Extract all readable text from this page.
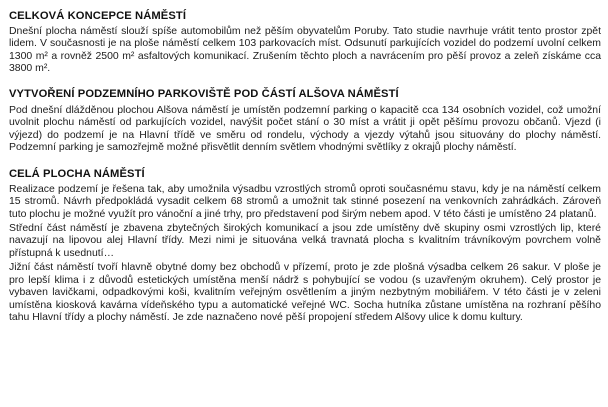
CELKOVÁ KONCEPCE NÁMĚSTÍ

Dnešní plocha náměstí slouží spíše automobilům než pěším obyvatelům Poruby. Tato studie navrhuje vrátit tento prostor zpět lidem. V současnosti je na ploše náměstí celkem 103 parkovacích míst. Odsunutí parkujících vozidel do podzemí uvolní celkem 1300 m² a rovněž 2500 m² asfaltových komunikací. Zrušením těchto ploch a navrácením pro pěší provoz a zeleň získáme cca 3800 m².

VYTVOŘENÍ PODZEMNÍHO PARKOVIŠTĚ POD ČÁSTÍ ALŠOVA NÁMĚSTÍ

Pod dnešní dlážděnou plochou Alšova náměstí je umístěn podzemní parking o kapacitě cca 134 osobních vozidel, což umožní uvolnit plochu náměstí od parkujících vozidel, navýšit počet stání o 30 míst a vrátit ji opět pěšímu provozu občanů. Vjezd (i výjezd) do podzemí je na Hlavní třídě ve směru od rondelu, východy a vjezdy výtahů jsou situovány do plochy náměstí. Podzemní parking je samozřejmě možné přisvětlit denním světlem vhodnými světlíky z okrajů plochy náměstí.

CELÁ PLOCHA NÁMĚSTÍ

Realizace podzemí je řešena tak, aby umožnila výsadbu vzrostlých stromů oproti současnému stavu, kdy je na náměstí celkem 15 stromů. Návrh předpokládá vysadit celkem 68 stromů a umožnit tak stinné posezení na venkovních zahrádkách. Zároveň tuto plochu je možné využít pro vánoční a jiné trhy, pro představení pod širým nebem apod. V této části je umístěno 24 platanů.

Střední část náměstí je zbavena zbytečných širokých komunikací a jsou zde umístěny dvě skupiny osmi vzrostlých lip, které navazují na lipovou alej Hlavní třídy. Mezi nimi je situována velká travnatá plocha s kvalitním trávníkovým povrchem volně přístupná k usednutí…

Jižní část náměstí tvoří hlavně obytné domy bez obchodů v přízemí, proto je zde plošná výsadba celkem 26 sakur. V ploše je pro lepší klima i z důvodů estetických umístěna menší nádrž s pohybující se vodou (s uzavřeným okruhem). Celý prostor je vybaven lavičkami, odpadkovými koši, kvalitním veřejným osvětlením a jiným nezbytným mobiliářem. V této části je v zeleni umístěna kiosková kavárna vídeňského typu a automatické veřejné WC. Socha hutníka zůstane umístěna na rozhraní pěšího tahu Hlavní třídy a plochy náměstí. Je zde naznačeno nové pěší propojení středem Alšovy ulice k domu kultury.
